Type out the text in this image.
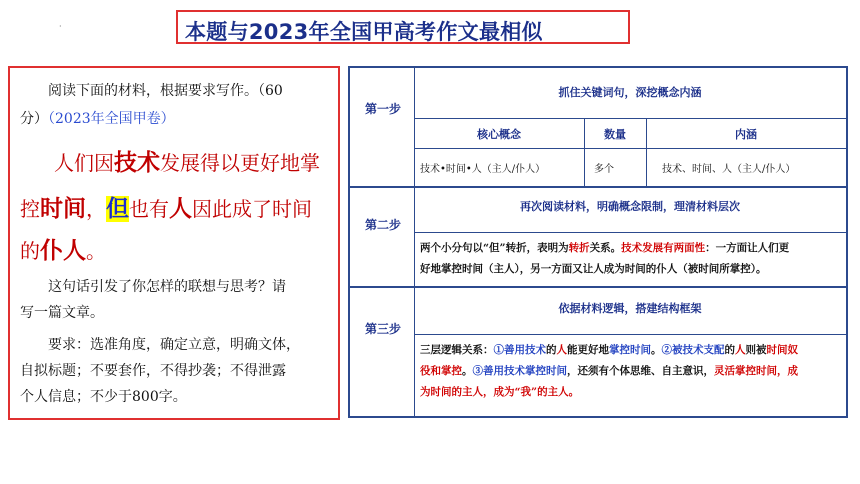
·	本题与2023年全国甲高考作文最相似
阅读下面的材料，根据要求写作。（60
分）（2023年全国甲卷）
人们因技术发展得以更好地掌
控时间，但也有人因此成了时间
的仆人。
这句话引发了你怎样的联想与思考？请
写一篇文章。
要求：选准角度，确定立意，明确文体，
自拟标题；不要套作，不得抄袭；不得泄露
个人信息；不少于800字。
第一步
抓住关键词句，深挖概念内涵
核心概念	数量	内涵
技术•时间•人（主人/仆人）	多个	技术、时间、人（主人/仆人）
第二步
再次阅读材料，明确概念限制，理清材料层次
两个小分句以“但”转折，表明为转折关系。技术发展有两面性：一方面让人们更
好地掌控时间（主人），另一方面又让人成为时间的仆人（被时间所掌控）。
第三步
依据材料逻辑，搭建结构框架
三层逻辑关系：①善用技术的人能更好地掌控时间。②被技术支配的人则被时间奴
役和掌控。③善用技术掌控时间，还须有个体思维、自主意识，灵活掌控时间，成
为时间的主人，成为“我”的主人。
